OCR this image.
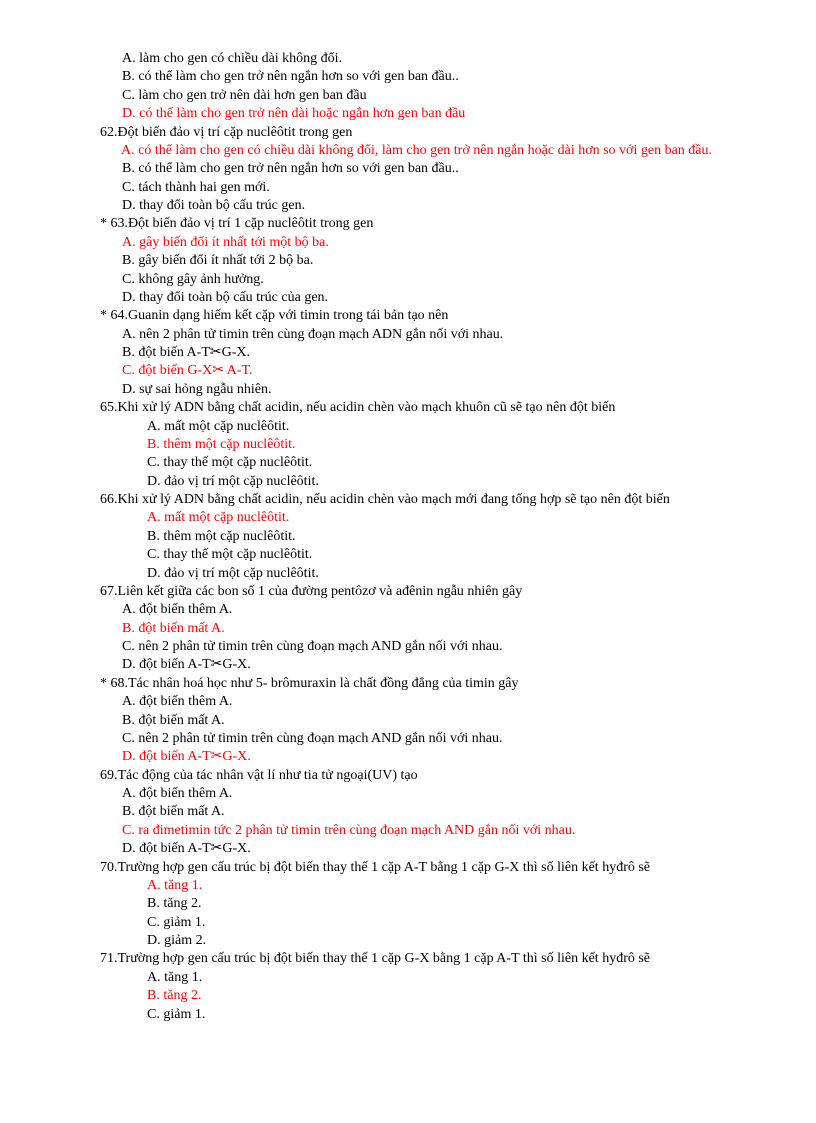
A. làm cho gen có chiều dài không đổi.
B. có thể làm cho gen trở nên ngắn hơn so với gen ban đầu..
C. làm cho gen trở nên dài hơn gen ban đầu
D. có thể làm cho gen trở nên dài hoặc ngắn hơn gen ban đầu
62.Đột biến đảo vị trí cặp nuclêôtit trong gen
A. có thể làm cho gen có chiều dài không đổi, làm cho gen trở nên ngắn hoặc dài hơn so với gen ban đầu.
B. có thể làm cho gen trở nên ngắn hơn so với gen ban đầu..
C. tách thành hai gen mới.
D. thay đổi toàn bộ cấu trúc gen.
* 63.Đột biến đảo vị trí 1 cặp nuclêôtit trong gen
A. gây biến đổi ít nhất tới một bộ ba.
B. gây biến đổi ít nhất tới 2 bộ ba.
C. không gây ảnh hưởng.
D. thay đổi toàn bộ cấu trúc của gen.
* 64.Guanin dạng hiếm kết cặp với timin trong tái bản tạo nên
A. nên 2 phân tử timin trên cùng đoạn mạch ADN gắn nối với nhau.
B. đột biến A-T✂G-X.
C. đột biến G-X✂ A-T.
D. sự sai hỏng ngẫu nhiên.
65.Khi xử lý ADN bằng chất acidin, nếu acidin chèn vào mạch khuôn cũ sẽ tạo nên đột biến
A. mất một cặp nuclêôtit.
B. thêm một cặp nuclêôtit.
C. thay thế một cặp nuclêôtit.
D. đảo vị trí một cặp nuclêôtit.
66.Khi xử lý ADN bằng chất acidin, nếu acidin chèn vào mạch mới đang tổng hợp sẽ tạo nên đột biến
A. mất một cặp nuclêôtit.
B. thêm một cặp nuclêôtit.
C. thay thế một cặp nuclêôtit.
D. đảo vị trí một cặp nuclêôtit.
67.Liên kết giữa các bon số 1 của đường pentôzơ và ađênin ngẫu nhiên gây
A. đột biến thêm A.
B. đột biến mất A.
C. nên 2 phân tử timin trên cùng đoạn mạch AND gắn nối với nhau.
D. đột biến A-T✂G-X.
* 68.Tác nhân hoá học như 5- brômuraxin là chất đồng đẳng của timin gây
A. đột biến thêm A.
B. đột biến mất A.
C. nên 2 phân tử timin trên cùng đoạn mạch AND gắn nối với nhau.
D. đột biến A-T✂G-X.
69.Tác động của tác nhân vật lí như tia tử ngoại(UV) tạo
A. đột biến thêm A.
B. đột biến mất A.
C. ra đimetimin tức 2 phân tử timin trên cùng đoạn mạch AND gắn nối với nhau.
D. đột biến A-T✂G-X.
70.Trường hợp gen cấu trúc bị đột biến thay thế 1 cặp A-T bằng 1 cặp G-X thì số liên kết hyđrô sẽ
A. tăng 1.
B. tăng 2.
C. giảm 1.
D. giảm 2.
71.Trường hợp gen cấu trúc bị đột biến thay thế 1 cặp G-X bằng 1 cặp A-T thì số liên kết hyđrô sẽ
A. tăng 1.
B. tăng 2.
C. giảm 1.
